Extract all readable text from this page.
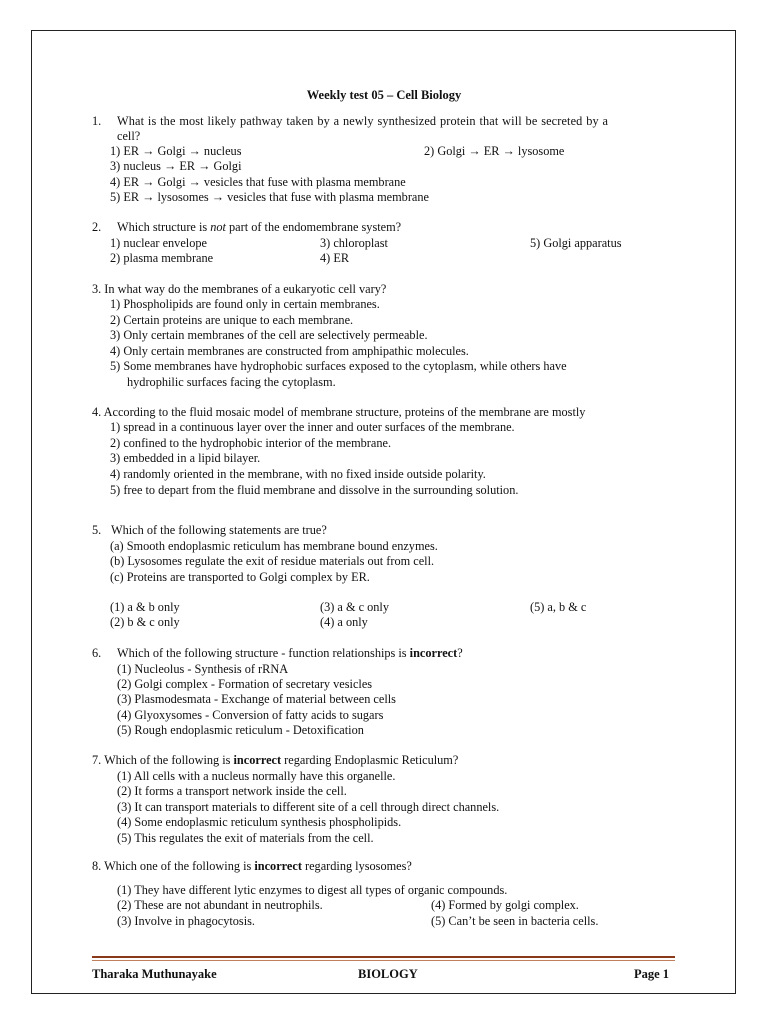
Weekly test 05 – Cell Biology
1. What is the most likely pathway taken by a newly synthesized protein that will be secreted by a
cell?
1) ER → Golgi → nucleus	2) Golgi → ER → lysosome
3) nucleus → ER → Golgi
4) ER → Golgi → vesicles that fuse with plasma membrane
5) ER → lysosomes → vesicles that fuse with plasma membrane
2. Which structure is not part of the endomembrane system?
1) nuclear envelope
2) plasma membrane
3) chloroplast
4) ER
5) Golgi apparatus
3. In what way do the membranes of a eukaryotic cell vary?
1) Phospholipids are found only in certain membranes.
2) Certain proteins are unique to each membrane.
3) Only certain membranes of the cell are selectively permeable.
4) Only certain membranes are constructed from amphipathic molecules.
5) Some membranes have hydrophobic surfaces exposed to the cytoplasm, while others have
hydrophilic surfaces facing the cytoplasm.
4. According to the fluid mosaic model of membrane structure, proteins of the membrane are mostly
1) spread in a continuous layer over the inner and outer surfaces of the membrane.
2) confined to the hydrophobic interior of the membrane.
3) embedded in a lipid bilayer.
4) randomly oriented in the membrane, with no fixed inside outside polarity.
5) free to depart from the fluid membrane and dissolve in the surrounding solution.
5. Which of the following statements are true?
(a) Smooth endoplasmic reticulum has membrane bound enzymes.
(b) Lysosomes regulate the exit of residue materials out from cell.
(c) Proteins are transported to Golgi complex by ER.
(1) a & b only
(2) b & c only
(3) a & c only
(4) a only
(5) a, b & c
6. Which of the following structure - function relationships is incorrect?
(1) Nucleolus - Synthesis of rRNA
(2) Golgi complex - Formation of secretary vesicles
(3) Plasmodesmata - Exchange of material between cells
(4) Glyoxysomes - Conversion of fatty acids to sugars
(5) Rough endoplasmic reticulum - Detoxification
7. Which of the following is incorrect regarding Endoplasmic Reticulum?
(1) All cells with a nucleus normally have this organelle.
(2) It forms a transport network inside the cell.
(3) It can transport materials to different site of a cell through direct channels.
(4) Some endoplasmic reticulum synthesis phospholipids.
(5) This regulates the exit of materials from the cell.
8. Which one of the following is incorrect regarding lysosomes?
(1) They have different lytic enzymes to digest all types of organic compounds.
(2) These are not abundant in neutrophils.
(3) Involve in phagocytosis.
(4) Formed by golgi complex.
(5) Can’t be seen in bacteria cells.
Tharaka Muthunayake	BIOLOGY	Page 1
